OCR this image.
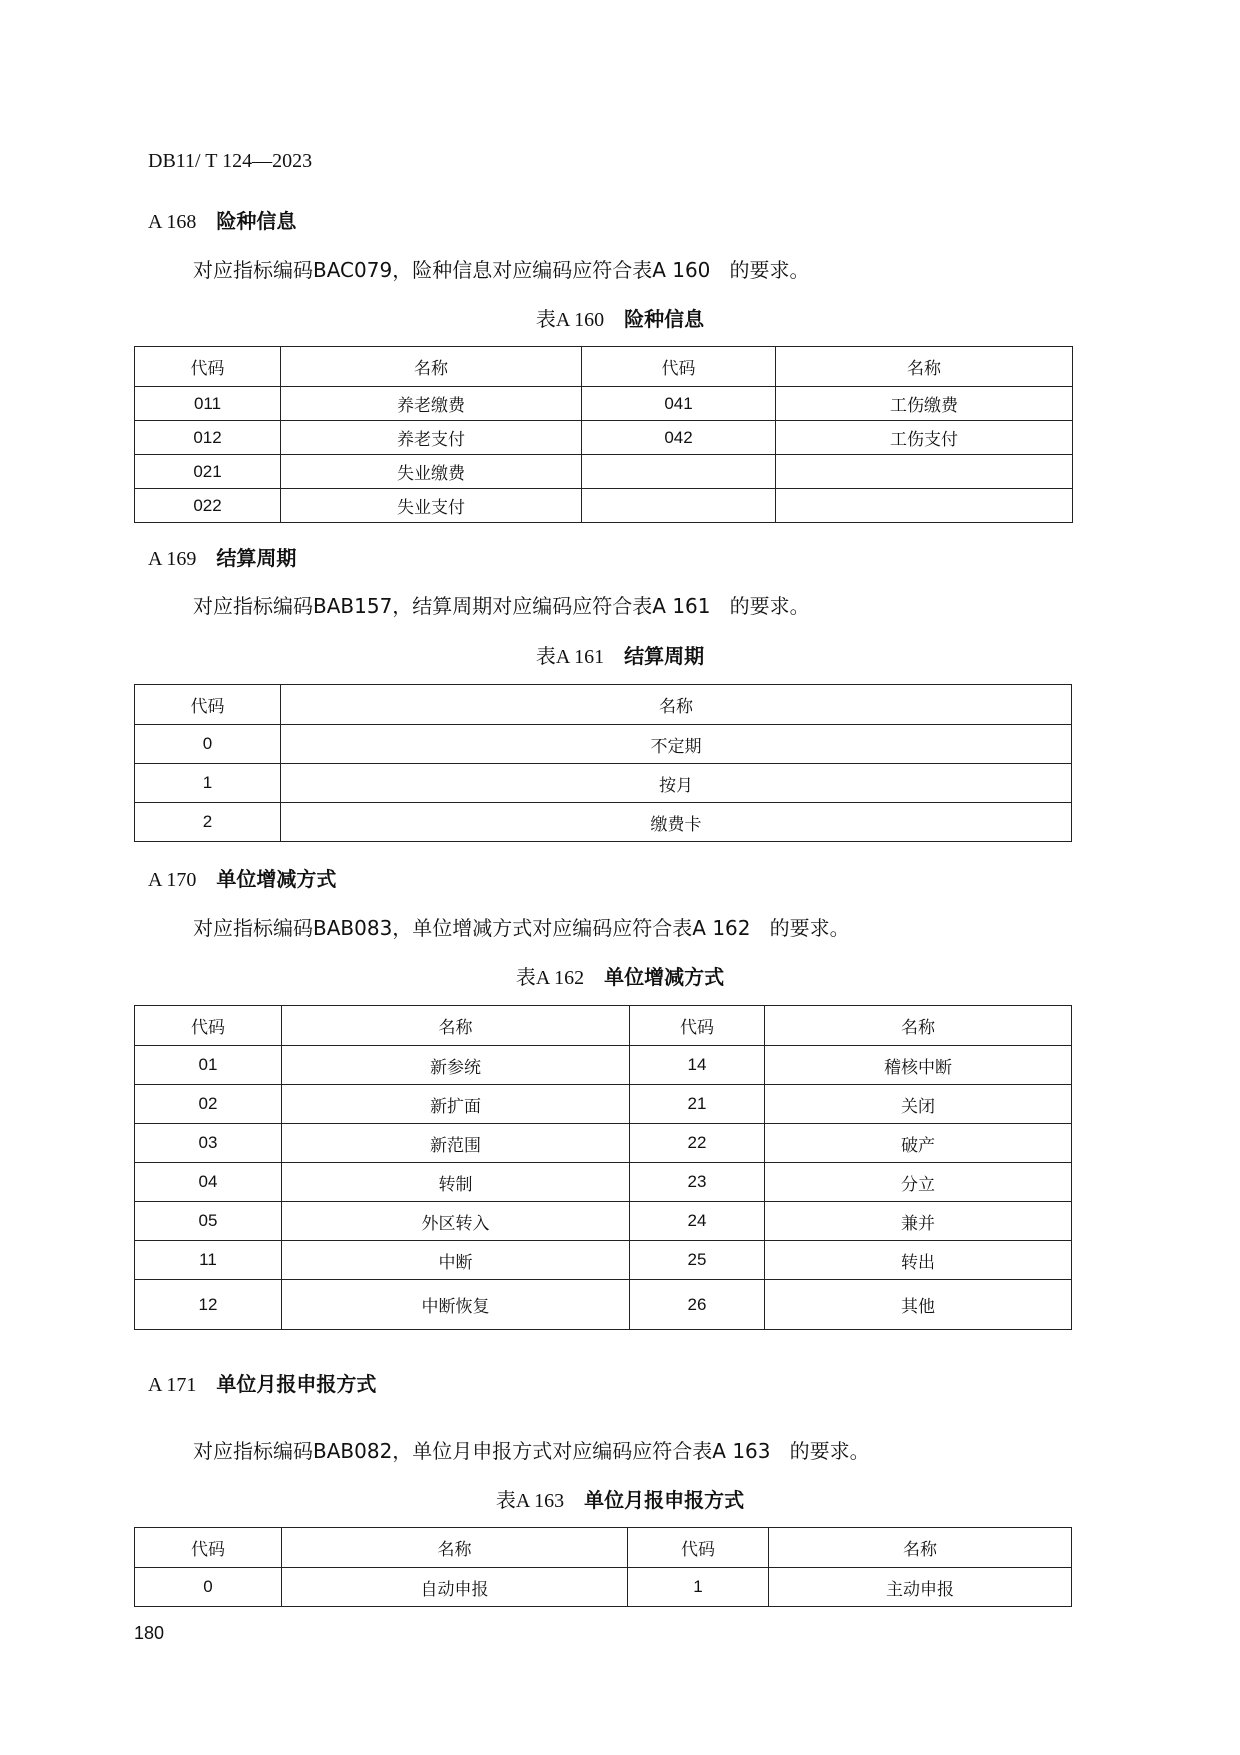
DB11/ T 124—2023
A 168 险种信息
对应指标编码BAC079，险种信息对应编码应符合表A 160   的要求。
表A 160 险种信息
代码	名称	代码	名称
011	养老缴费	041	工伤缴费
012	养老支付	042	工伤支付
021	失业缴费		
022	失业支付		
A 169 结算周期
对应指标编码BAB157，结算周期对应编码应符合表A 161   的要求。
表A 161 结算周期
代码	名称
0	不定期
1	按月
2	缴费卡
A 170 单位增减方式
对应指标编码BAB083，单位增减方式对应编码应符合表A 162   的要求。
表A 162 单位增减方式
代码	名称	代码	名称
01	新参统	14	稽核中断
02	新扩面	21	关闭
03	新范围	22	破产
04	转制	23	分立
05	外区转入	24	兼并
11	中断	25	转出
12	中断恢复	26	其他
A 171 单位月报申报方式
对应指标编码BAB082，单位月申报方式对应编码应符合表A 163   的要求。
表A 163 单位月报申报方式
代码	名称	代码	名称
0	自动申报	1	主动申报
180
